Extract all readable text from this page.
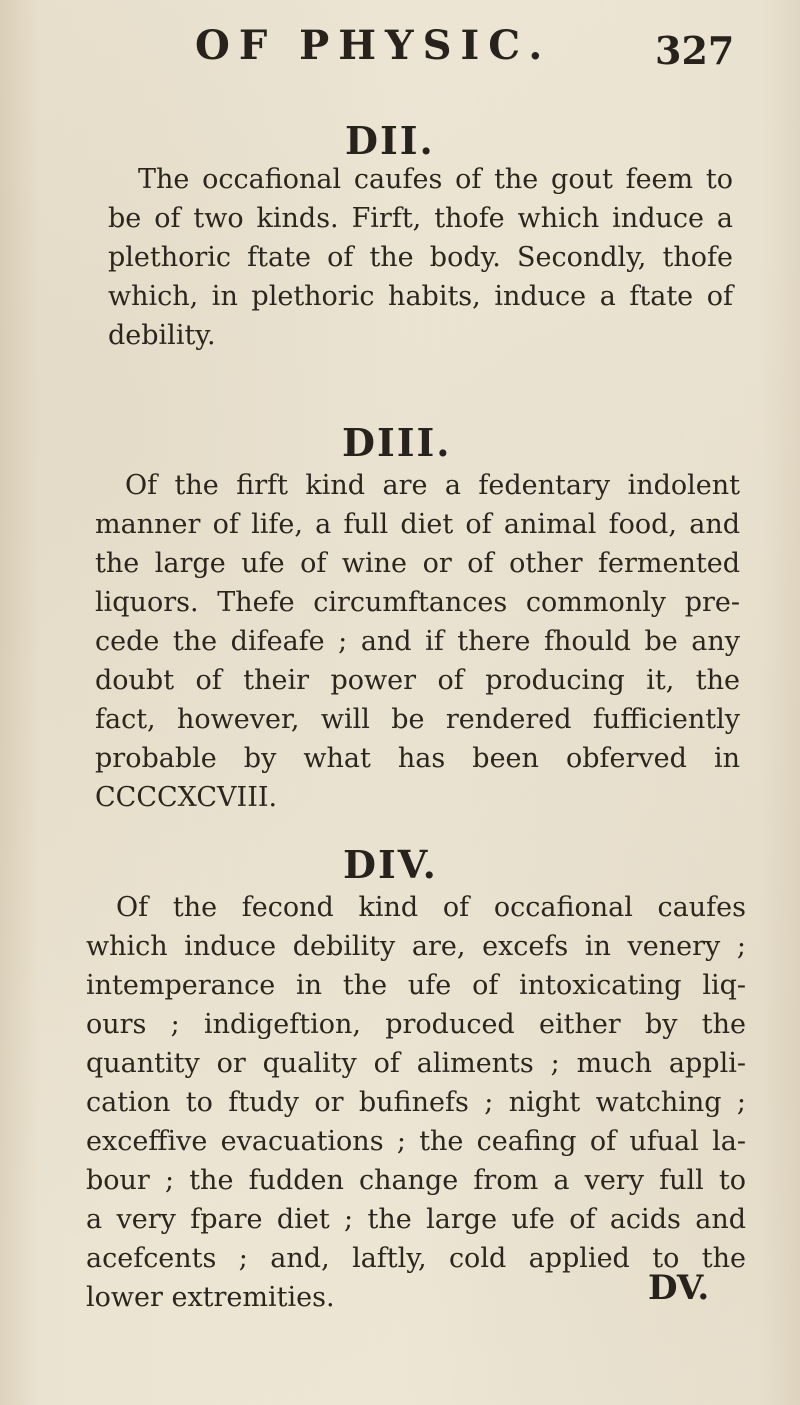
OF PHYSIC.	327
DII.
The occafional caufes of the gout feem to
be of two kinds. Firft, thofe which induce a
plethoric ftate of the body. Secondly, thofe
which, in plethoric habits, induce a ftate of
debility.
DIII.
Of the firft kind are a fedentary indolent
manner of life, a full diet of animal food, and
the large ufe of wine or of other fermented
liquors. Thefe circumftances commonly pre-
cede the difeafe ; and if there fhould be any
doubt of their power of producing it, the
fact, however, will be rendered fufficiently
probable by what has been obferved in
CCCCXCVIII.
DIV.
Of the fecond kind of occafional caufes
which induce debility are, excefs in venery ;
intemperance in the ufe of intoxicating liq-
ours ; indigeftion, produced either by the
quantity or quality of aliments ; much appli-
cation to ftudy or bufinefs ; night watching ;
exceffive evacuations ; the ceafing of ufual la-
bour ; the fudden change from a very full to
a very fpare diet ; the large ufe of acids and
acefcents ; and, laftly, cold applied to the
lower extremities.	DV.
